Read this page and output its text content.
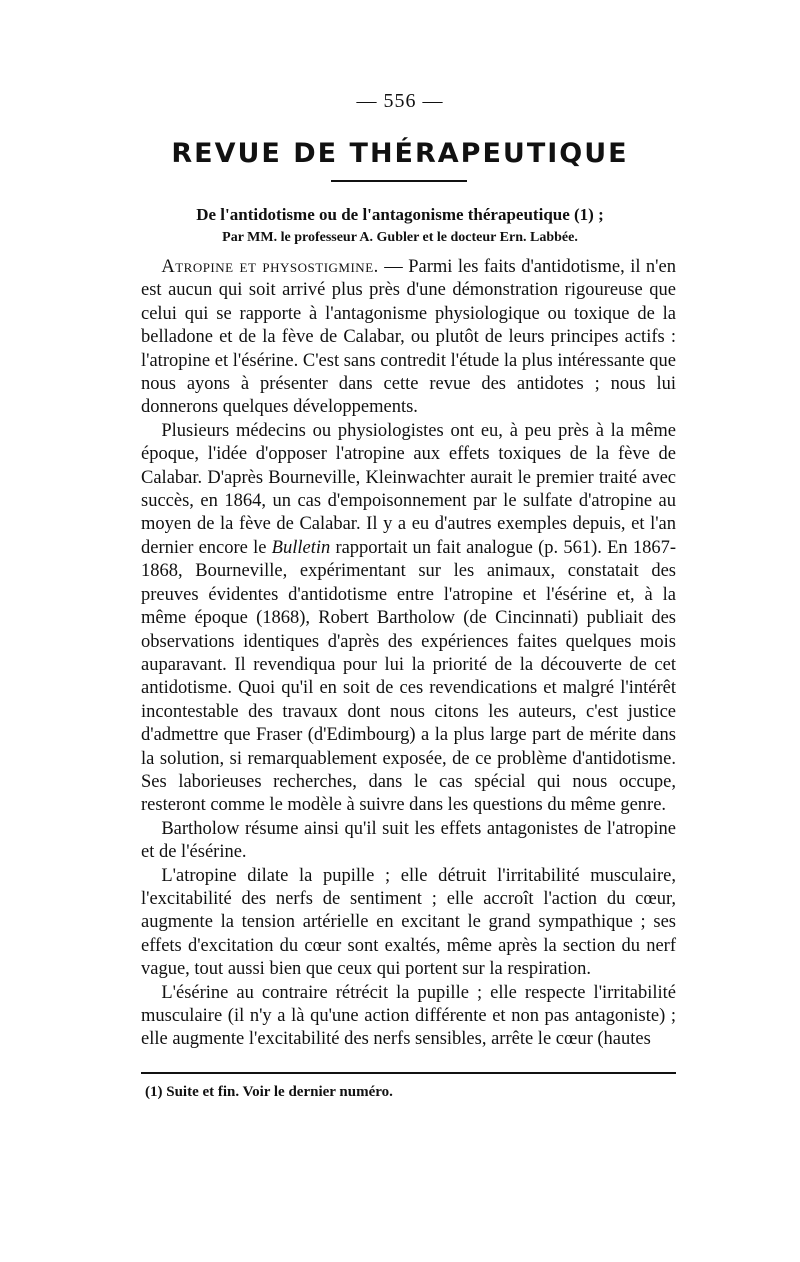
— 556 —
REVUE DE THÉRAPEUTIQUE
De l'antidotisme ou de l'antagonisme thérapeutique (1) ;
Par MM. le professeur A. Gubler et le docteur Ern. Labbée.

Atropine et physostigmine. — Parmi les faits d'antidotisme, il n'en est aucun qui soit arrivé plus près d'une démonstration rigoureuse que celui qui se rapporte à l'antagonisme physiologique ou toxique de la belladone et de la fève de Calabar, ou plutôt de leurs principes actifs : l'atropine et l'ésérine. C'est sans contredit l'étude la plus intéressante que nous ayons à présenter dans cette revue des antidotes ; nous lui donnerons quelques développements.

Plusieurs médecins ou physiologistes ont eu, à peu près à la même époque, l'idée d'opposer l'atropine aux effets toxiques de la fève de Calabar. D'après Bourneville, Kleinwachter aurait le premier traité avec succès, en 1864, un cas d'empoisonnement par le sulfate d'atropine au moyen de la fève de Calabar. Il y a eu d'autres exemples depuis, et l'an dernier encore le Bulletin rapportait un fait analogue (p. 561). En 1867-1868, Bourneville, expérimentant sur les animaux, constatait des preuves évidentes d'antidotisme entre l'atropine et l'ésérine et, à la même époque (1868), Robert Bartholow (de Cincinnati) publiait des observations identiques d'après des expériences faites quelques mois auparavant. Il revendiqua pour lui la priorité de la découverte de cet antidotisme. Quoi qu'il en soit de ces revendications et malgré l'intérêt incontestable des travaux dont nous citons les auteurs, c'est justice d'admettre que Fraser (d'Edimbourg) a la plus large part de mérite dans la solution, si remarquablement exposée, de ce problème d'antidotisme. Ses laborieuses recherches, dans le cas spécial qui nous occupe, resteront comme le modèle à suivre dans les questions du même genre.

Bartholow résume ainsi qu'il suit les effets antagonistes de l'atropine et de l'ésérine.

L'atropine dilate la pupille ; elle détruit l'irritabilité musculaire, l'excitabilité des nerfs de sentiment ; elle accroît l'action du cœur, augmente la tension artérielle en excitant le grand sympathique ; ses effets d'excitation du cœur sont exaltés, même après la section du nerf vague, tout aussi bien que ceux qui portent sur la respiration.

L'ésérine au contraire rétrécit la pupille ; elle respecte l'irritabilité musculaire (il n'y a là qu'une action différente et non pas antagoniste) ; elle augmente l'excitabilité des nerfs sensibles, arrête le cœur (hautes

(1) Suite et fin. Voir le dernier numéro.
